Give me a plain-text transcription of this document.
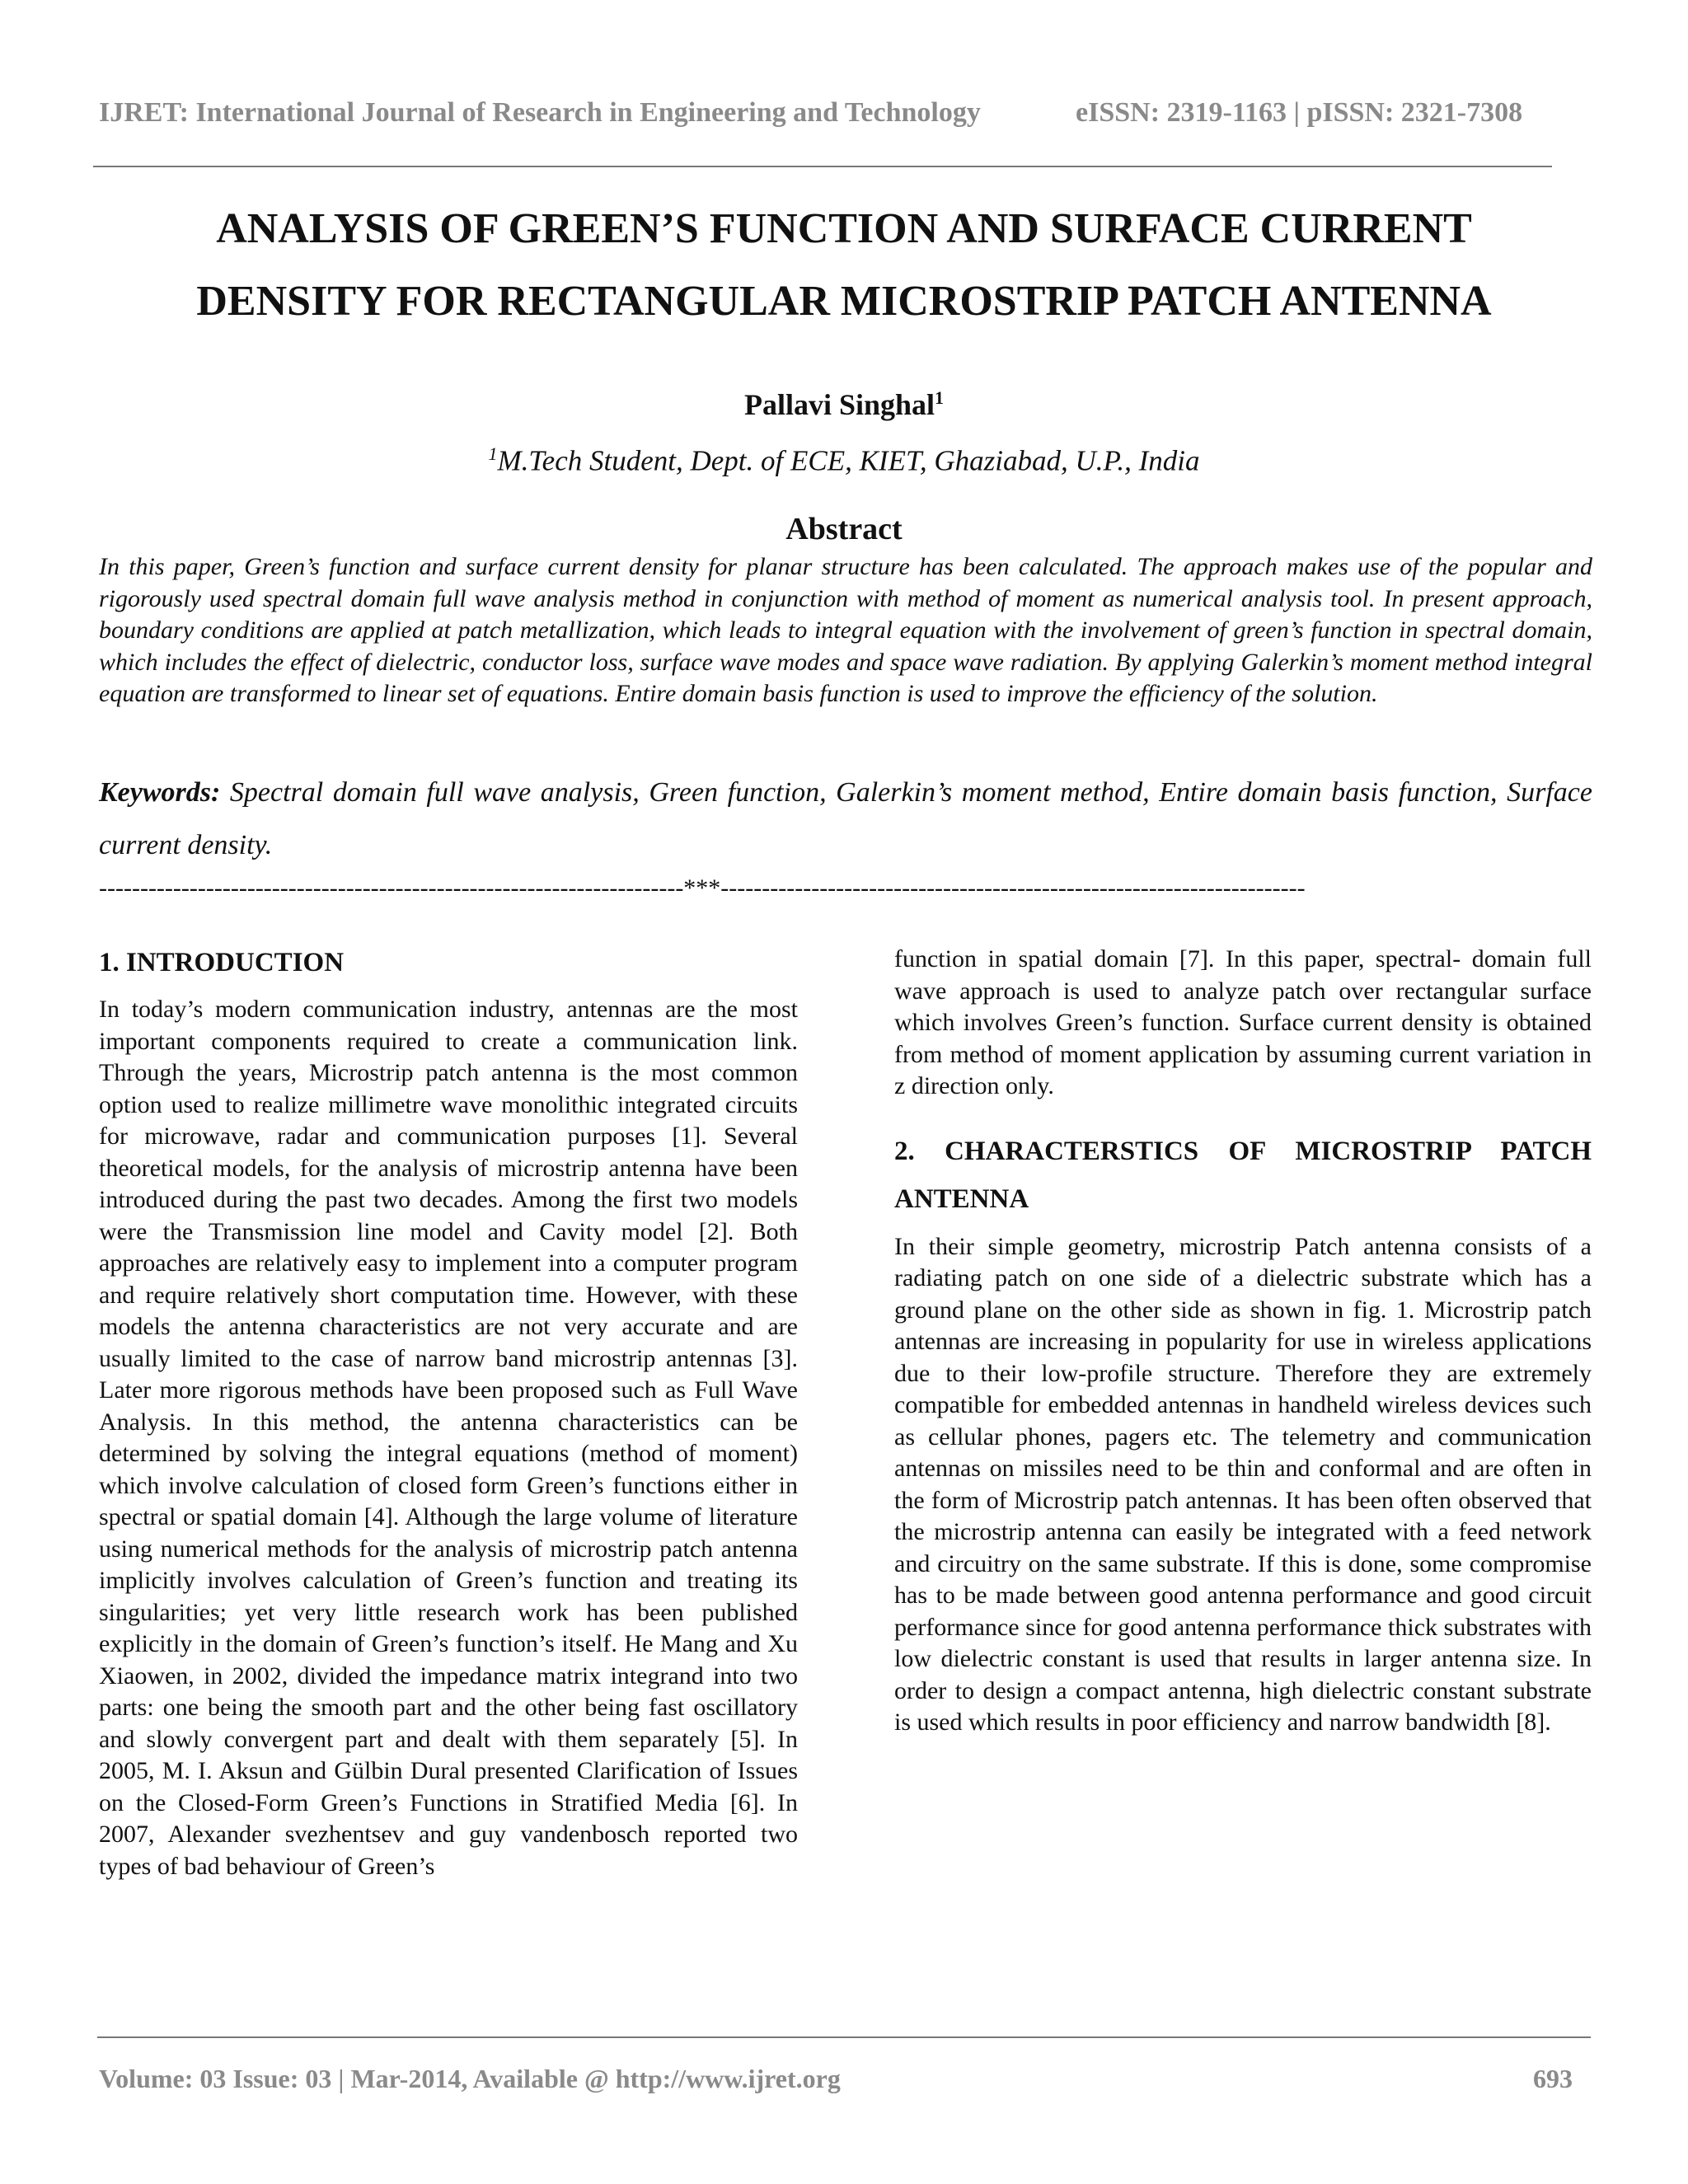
IJRET: International Journal of Research in Engineering and Technology	eISSN: 2319-1163 | pISSN: 2321-7308
ANALYSIS OF GREEN’S FUNCTION AND SURFACE CURRENT
DENSITY FOR RECTANGULAR MICROSTRIP PATCH ANTENNA
Pallavi Singhal$^1$
$^1$M.Tech Student, Dept. of ECE, KIET, Ghaziabad, U.P., India
Abstract
In this paper, Green’s function and surface current density for planar structure has been calculated. The approach makes use of the popular and rigorously used spectral domain full wave analysis method in conjunction with method of moment as numerical analysis tool. In present approach, boundary conditions are applied at patch metallization, which leads to integral equation with the involvement of green’s function in spectral domain, which includes the effect of dielectric, conductor loss, surface wave modes and space wave radiation. By applying Galerkin’s moment method integral equation are transformed to linear set of equations. Entire domain basis function is used to improve the efficiency of the solution.
Keywords: Spectral domain full wave analysis, Green function, Galerkin’s moment method, Entire domain basis function, Surface current density.
-----------------------------------------------------------------------***-----------------------------------------------------------------------
1. INTRODUCTION

In today’s modern communication industry, antennas are the most important components required to create a communication link. Through the years, Microstrip patch antenna is the most common option used to realize millimetre wave monolithic integrated circuits for microwave, radar and communication purposes [1]. Several theoretical models, for the analysis of microstrip antenna have been introduced during the past two decades. Among the first two models were the Transmission line model and Cavity model [2]. Both approaches are relatively easy to implement into a computer program and require relatively short computation time. However, with these models the antenna characteristics are not very accurate and are usually limited to the case of narrow band microstrip antennas [3]. Later more rigorous methods have been proposed such as Full Wave Analysis. In this method, the antenna characteristics can be determined by solving the integral equations (method of moment) which involve calculation of closed form Green’s functions either in spectral or spatial domain [4]. Although the large volume of literature using numerical methods for the analysis of microstrip patch antenna implicitly involves calculation of Green’s function and treating its singularities; yet very little research work has been published explicitly in the domain of Green’s function’s itself. He Mang and Xu Xiaowen, in 2002, divided the impedance matrix integrand into two parts: one being the smooth part and the other being fast oscillatory and slowly convergent part and dealt with them separately [5]. In 2005, M. I. Aksun and Gülbin Dural presented Clarification of Issues on the Closed-Form Green’s Functions in Stratified Media [6]. In 2007, Alexander svezhentsev and guy vandenbosch reported two types of bad behaviour of Green’s

function in spatial domain [7]. In this paper, spectral- domain full wave approach is used to analyze patch over rectangular surface which involves Green’s function. Surface current density is obtained from method of moment application by assuming current variation in z direction only.

2. CHARACTERSTICS OF MICROSTRIP PATCH
ANTENNA

In their simple geometry, microstrip Patch antenna consists of a radiating patch on one side of a dielectric substrate which has a ground plane on the other side as shown in fig. 1. Microstrip patch antennas are increasing in popularity for use in wireless applications due to their low-profile structure. Therefore they are extremely compatible for embedded antennas in handheld wireless devices such as cellular phones, pagers etc. The telemetry and communication antennas on missiles need to be thin and conformal and are often in the form of Microstrip patch antennas. It has been often observed that the microstrip antenna can easily be integrated with a feed network and circuitry on the same substrate. If this is done, some compromise has to be made between good antenna performance and good circuit performance since for good antenna performance thick substrates with low dielectric constant is used that results in larger antenna size. In order to design a compact antenna, high dielectric constant substrate is used which results in poor efficiency and narrow bandwidth [8].

Volume: 03 Issue: 03 | Mar-2014, Available @ http://www.ijret.org	693
